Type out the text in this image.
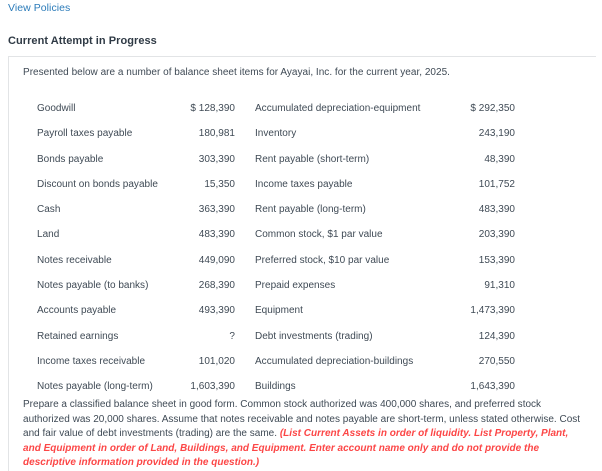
View Policies
Current Attempt in Progress

Presented below are a number of balance sheet items for Ayayai, Inc. for the current year, 2025.

Goodwill	$ 128,390	Accumulated depreciation-equipment	$ 292,350
Payroll taxes payable	180,981	Inventory	243,190
Bonds payable	303,390	Rent payable (short-term)	48,390
Discount on bonds payable	15,350	Income taxes payable	101,752
Cash	363,390	Rent payable (long-term)	483,390
Land	483,390	Common stock, $1 par value	203,390
Notes receivable	449,090	Preferred stock, $10 par value	153,390
Notes payable (to banks)	268,390	Prepaid expenses	91,310
Accounts payable	493,390	Equipment	1,473,390
Retained earnings	?	Debt investments (trading)	124,390
Income taxes receivable	101,020	Accumulated depreciation-buildings	270,550
Notes payable (long-term)	1,603,390	Buildings	1,643,390
Prepare a classified balance sheet in good form. Common stock authorized was 400,000 shares, and preferred stock authorized was 20,000 shares. Assume that notes receivable and notes payable are short-term, unless stated otherwise. Cost and fair value of debt investments (trading) are the same. (List Current Assets in order of liquidity. List Property, Plant, and Equipment in order of Land, Buildings, and Equipment. Enter account name only and do not provide the descriptive information provided in the question.)
